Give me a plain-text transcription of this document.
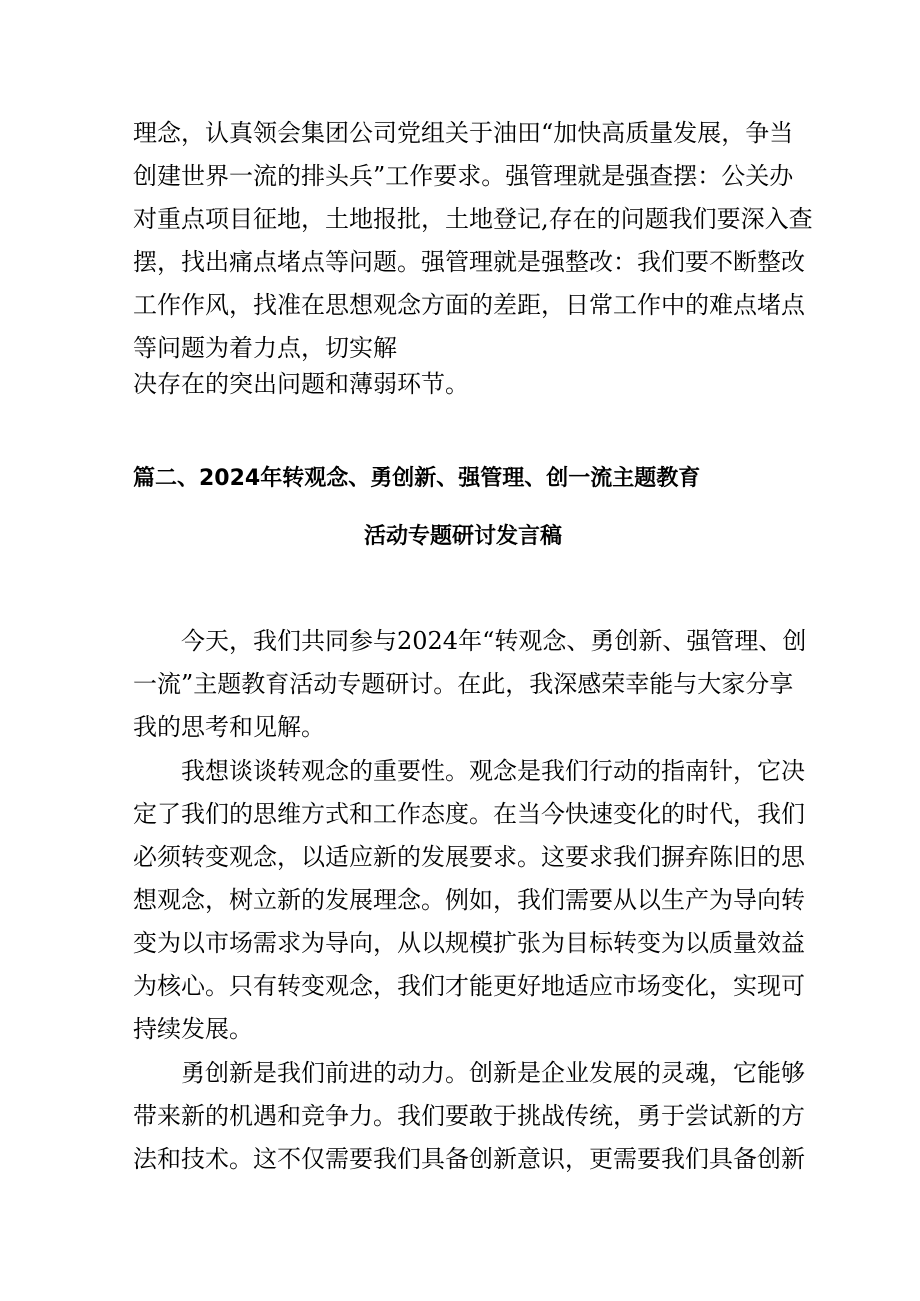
理念，认真领会集团公司党组关于油田“加快高质量发展，争当
创建世界一流的排头兵”工作要求。强管理就是强查摆：公关办
对重点项目征地，土地报批，土地登记,存在的问题我们要深入查
摆，找出痛点堵点等问题。强管理就是强整改：我们要不断整改
工作作风，找准在思想观念方面的差距，日常工作中的难点堵点
等问题为着力点，切实解
决存在的突出问题和薄弱环节。
篇二、2024年转观念、勇创新、强管理、创一流主题教育
活动专题研讨发言稿
今天，我们共同参与2024年“转观念、勇创新、强管理、创
一流”主题教育活动专题研讨。在此，我深感荣幸能与大家分享
我的思考和见解。
我想谈谈转观念的重要性。观念是我们行动的指南针，它决
定了我们的思维方式和工作态度。在当今快速变化的时代，我们
必须转变观念，以适应新的发展要求。这要求我们摒弃陈旧的思
想观念，树立新的发展理念。例如，我们需要从以生产为导向转
变为以市场需求为导向，从以规模扩张为目标转变为以质量效益
为核心。只有转变观念，我们才能更好地适应市场变化，实现可
持续发展。
勇创新是我们前进的动力。创新是企业发展的灵魂，它能够
带来新的机遇和竞争力。我们要敢于挑战传统，勇于尝试新的方
法和技术。这不仅需要我们具备创新意识，更需要我们具备创新
